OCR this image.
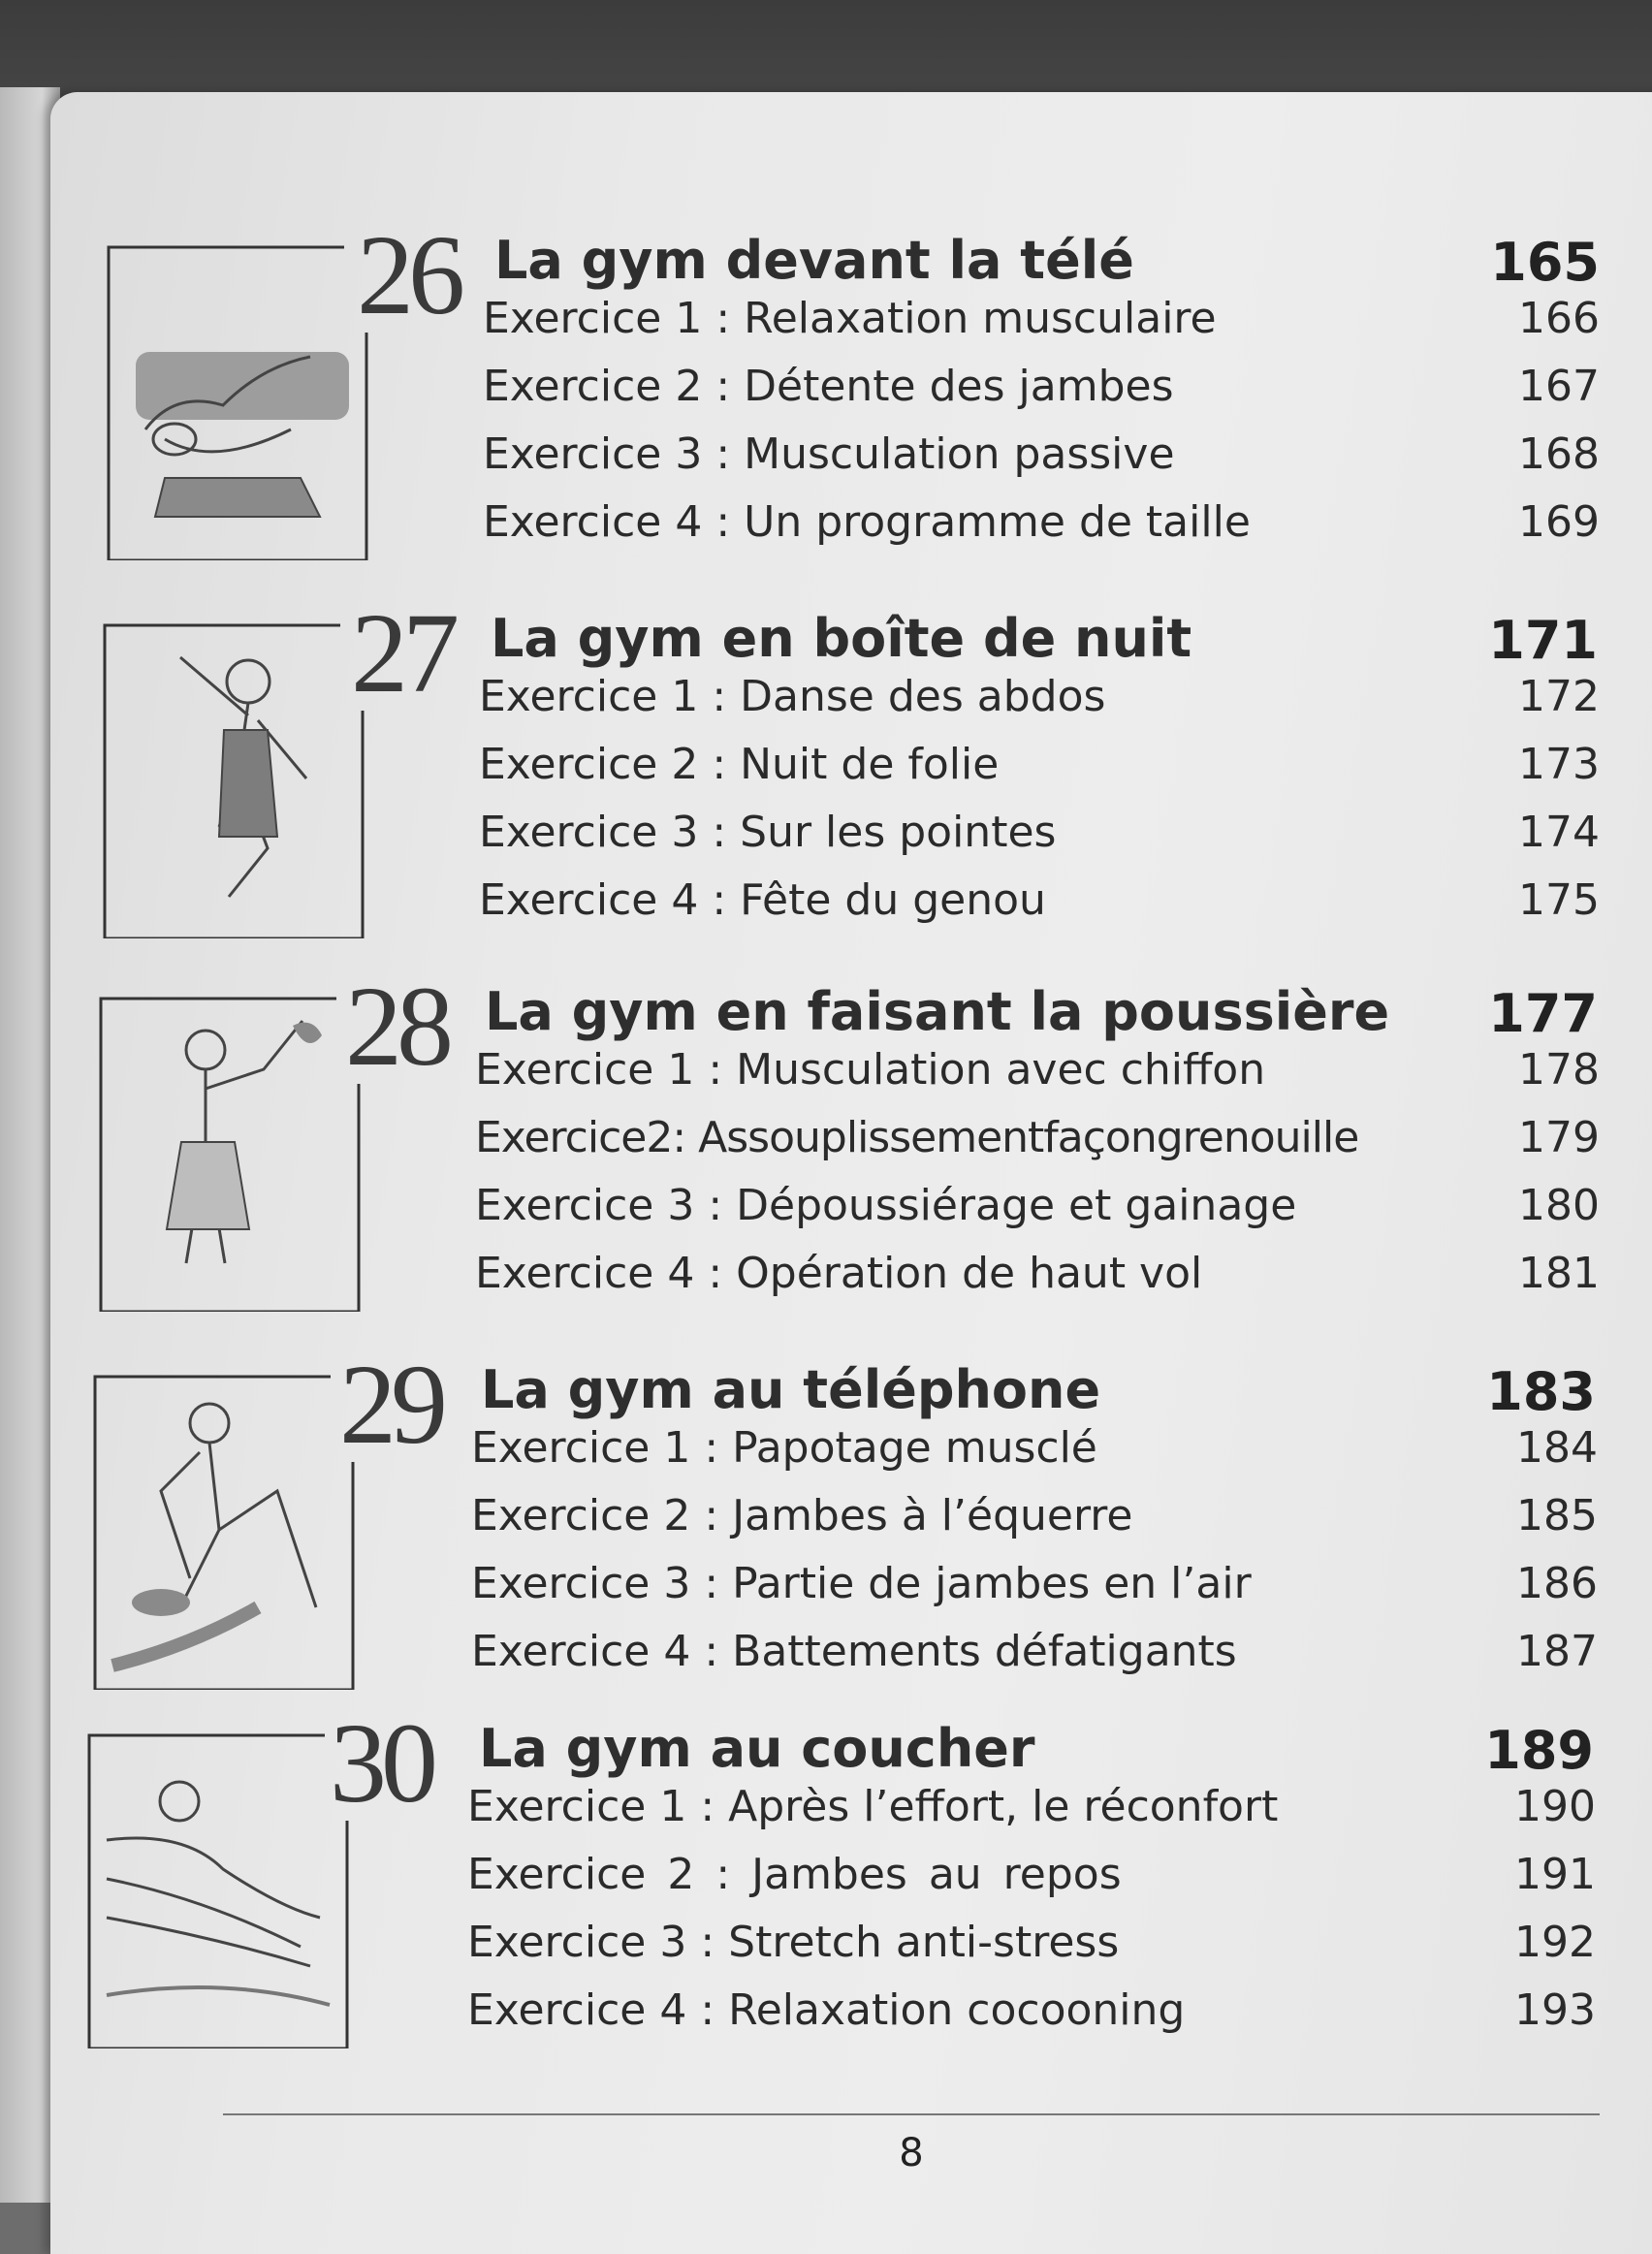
26 La gym devant la télé	165
Exercice 1 : Relaxation musculaire	166
Exercice 2 : Détente des jambes	167
Exercice 3 : Musculation passive	168
Exercice 4 : Un programme de taille	169
27 La gym en boîte de nuit	171
Exercice 1 : Danse des abdos	172
Exercice 2 : Nuit de folie	173
Exercice 3 : Sur les pointes	174
Exercice 4 : Fête du genou	175
28 La gym en faisant la poussière	177
Exercice 1 : Musculation avec chiffon	178
Exercice2: Assouplissementfaçongrenouille	179
Exercice 3 : Dépoussiérage et gainage	180
Exercice 4 : Opération de haut vol	181
29 La gym au téléphone	183
Exercice 1 : Papotage musclé	184
Exercice 2 : Jambes à l’équerre	185
Exercice 3 : Partie de jambes en l’air	186
Exercice 4 : Battements défatigants	187
30 La gym au coucher	189
Exercice 1 : Après l’effort, le réconfort	190
Exercice 2 : Jambes au repos	191
Exercice 3 : Stretch anti-stress	192
Exercice 4 : Relaxation cocooning	193
8
